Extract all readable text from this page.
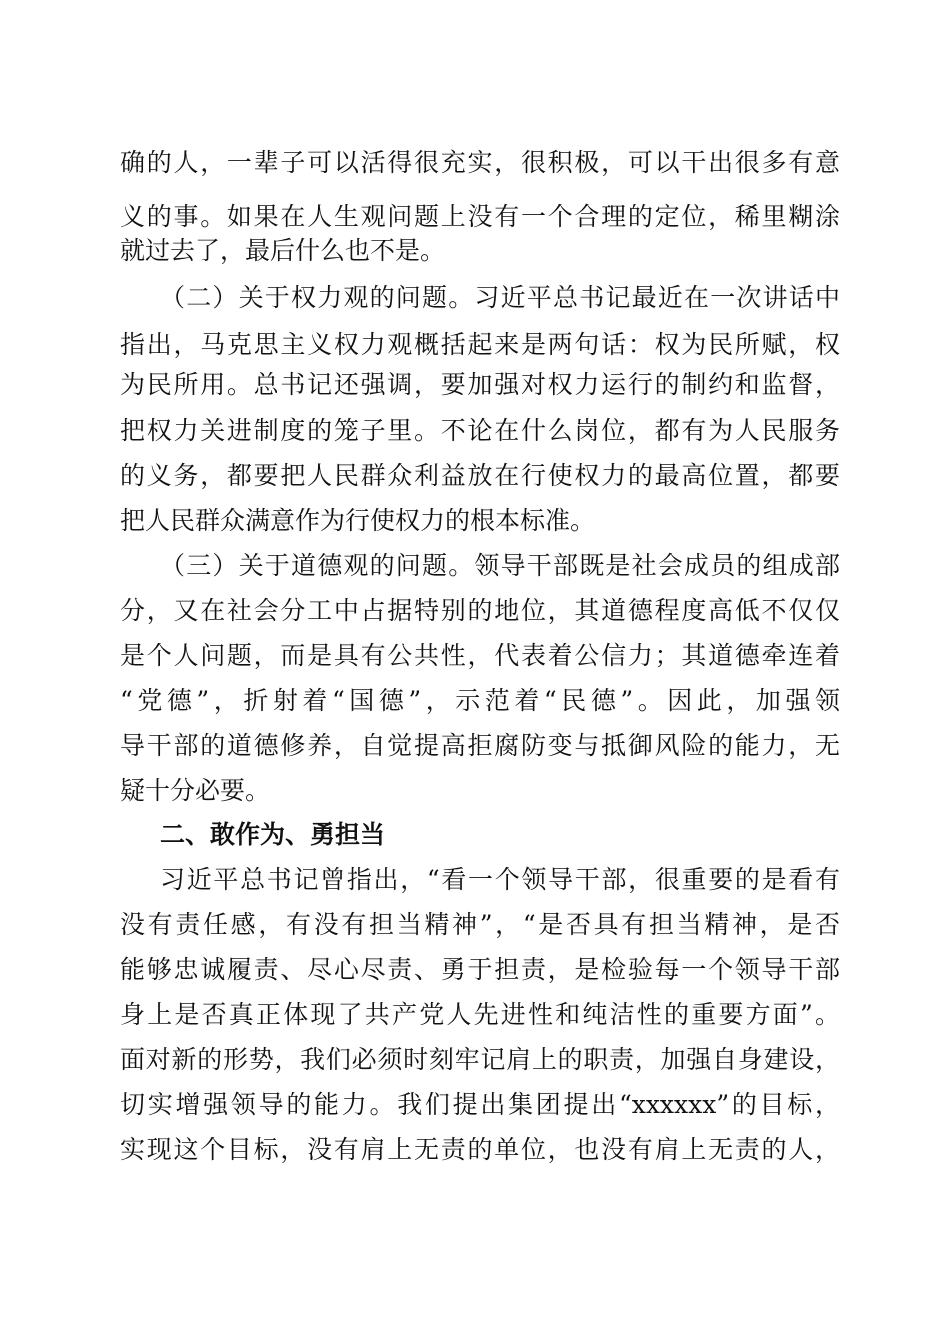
确的人，一辈子可以活得很充实，很积极，可以干出很多有意
义的事。如果在人生观问题上没有一个合理的定位，稀里糊涂
就过去了，最后什么也不是。
（二）关于权力观的问题。习近平总书记最近在一次讲话中
指出，马克思主义权力观概括起来是两句话：权为民所赋，权
为民所用。总书记还强调，要加强对权力运行的制约和监督，
把权力关进制度的笼子里。不论在什么岗位，都有为人民服务
的义务，都要把人民群众利益放在行使权力的最高位置，都要
把人民群众满意作为行使权力的根本标准。
（三）关于道德观的问题。领导干部既是社会成员的组成部
分，又在社会分工中占据特别的地位，其道德程度高低不仅仅
是个人问题，而是具有公共性，代表着公信力；其道德牵连着
“党德”，折射着“国德”，示范着“民德”。因此，加强领
导干部的道德修养，自觉提高拒腐防变与抵御风险的能力，无
疑十分必要。
二、敢作为、勇担当
习近平总书记曾指出，“看一个领导干部，很重要的是看有
没有责任感，有没有担当精神”，“是否具有担当精神，是否
能够忠诚履责、尽心尽责、勇于担责，是检验每一个领导干部
身上是否真正体现了共产党人先进性和纯洁性的重要方面”。
面对新的形势，我们必须时刻牢记肩上的职责，加强自身建设，
切实增强领导的能力。我们提出集团提出“xxxxxx”的目标，
实现这个目标，没有肩上无责的单位，也没有肩上无责的人，
